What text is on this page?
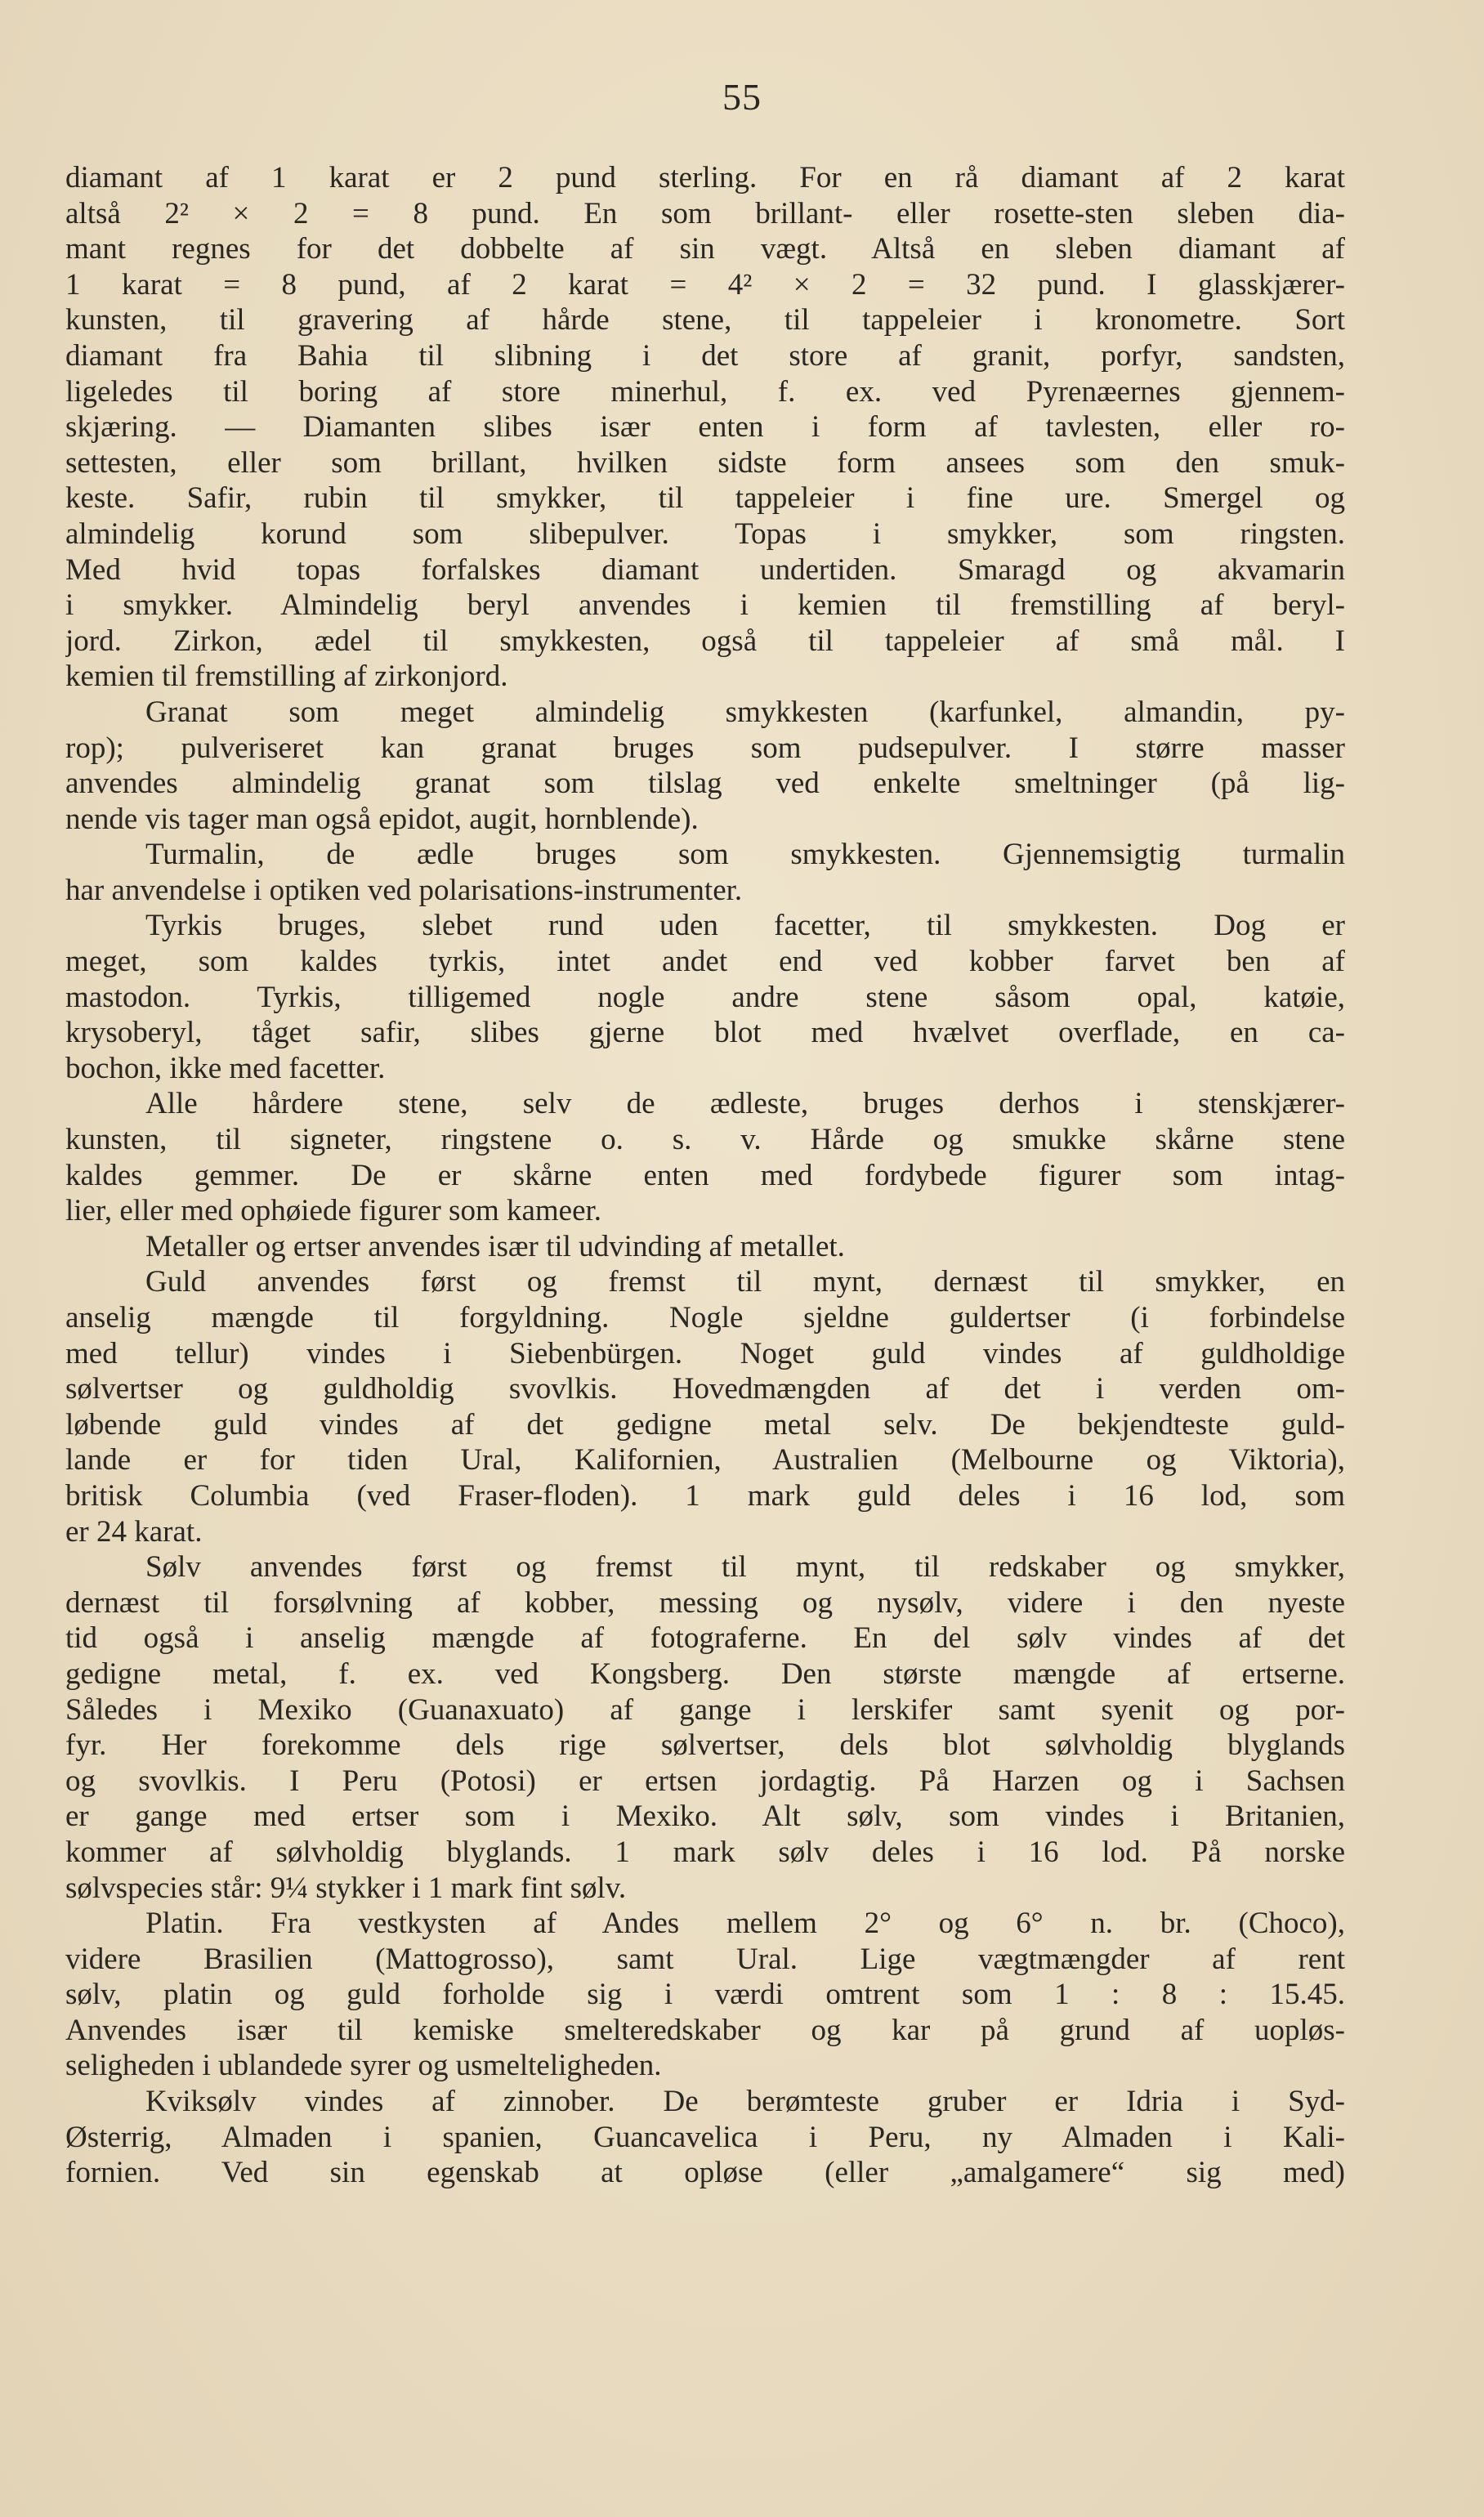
55
diamant af 1 karat er 2 pund sterling. For en rå diamant af 2 karat
altså 2² × 2 = 8 pund. En som brillant- eller rosette-sten sleben dia-
mant regnes for det dobbelte af sin vægt. Altså en sleben diamant af
1 karat = 8 pund, af 2 karat = 4² × 2 = 32 pund. I glasskjærer-
kunsten, til gravering af hårde stene, til tappeleier i kronometre. Sort
diamant fra Bahia til slibning i det store af granit, porfyr, sandsten,
ligeledes til boring af store minerhul, f. ex. ved Pyrenæernes gjennem-
skjæring. — Diamanten slibes især enten i form af tavlesten, eller ro-
settesten, eller som brillant, hvilken sidste form ansees som den smuk-
keste. Safir, rubin til smykker, til tappeleier i fine ure. Smergel og
almindelig korund som slibepulver. Topas i smykker, som ringsten.
Med hvid topas forfalskes diamant undertiden. Smaragd og akvamarin
i smykker. Almindelig beryl anvendes i kemien til fremstilling af beryl-
jord. Zirkon, ædel til smykkesten, også til tappeleier af små mål. I
kemien til fremstilling af zirkonjord.
Granat som meget almindelig smykkesten (karfunkel, almandin, py-
rop); pulveriseret kan granat bruges som pudsepulver. I større masser
anvendes almindelig granat som tilslag ved enkelte smeltninger (på lig-
nende vis tager man også epidot, augit, hornblende).
Turmalin, de ædle bruges som smykkesten. Gjennemsigtig turmalin
har anvendelse i optiken ved polarisations-instrumenter.
Tyrkis bruges, slebet rund uden facetter, til smykkesten. Dog er
meget, som kaldes tyrkis, intet andet end ved kobber farvet ben af
mastodon. Tyrkis, tilligemed nogle andre stene såsom opal, katøie,
krysoberyl, tåget safir, slibes gjerne blot med hvælvet overflade, en ca-
bochon, ikke med facetter.
Alle hårdere stene, selv de ædleste, bruges derhos i stenskjærer-
kunsten, til signeter, ringstene o. s. v. Hårde og smukke skårne stene
kaldes gemmer. De er skårne enten med fordybede figurer som intag-
lier, eller med ophøiede figurer som kameer.
Metaller og ertser anvendes især til udvinding af metallet.
Guld anvendes først og fremst til mynt, dernæst til smykker, en
anselig mængde til forgyldning. Nogle sjeldne guldertser (i forbindelse
med tellur) vindes i Siebenbürgen. Noget guld vindes af guldholdige
sølvertser og guldholdig svovlkis. Hovedmængden af det i verden om-
løbende guld vindes af det gedigne metal selv. De bekjendteste guld-
lande er for tiden Ural, Kalifornien, Australien (Melbourne og Viktoria),
britisk Columbia (ved Fraser-floden). 1 mark guld deles i 16 lod, som
er 24 karat.
Sølv anvendes først og fremst til mynt, til redskaber og smykker,
dernæst til forsølvning af kobber, messing og nysølv, videre i den nyeste
tid også i anselig mængde af fotograferne. En del sølv vindes af det
gedigne metal, f. ex. ved Kongsberg. Den største mængde af ertserne.
Således i Mexiko (Guanaxuato) af gange i lerskifer samt syenit og por-
fyr. Her forekomme dels rige sølvertser, dels blot sølvholdig blyglands
og svovlkis. I Peru (Potosi) er ertsen jordagtig. På Harzen og i Sachsen
er gange med ertser som i Mexiko. Alt sølv, som vindes i Britanien,
kommer af sølvholdig blyglands. 1 mark sølv deles i 16 lod. På norske
sølvspecies står: 9¼ stykker i 1 mark fint sølv.
Platin. Fra vestkysten af Andes mellem 2° og 6° n. br. (Choco),
videre Brasilien (Mattogrosso), samt Ural. Lige vægtmængder af rent
sølv, platin og guld forholde sig i værdi omtrent som 1 : 8 : 15.45.
Anvendes især til kemiske smelteredskaber og kar på grund af uopløs-
seligheden i ublandede syrer og usmelteligheden.
Kviksølv vindes af zinnober. De berømteste gruber er Idria i Syd-
Østerrig, Almaden i spanien, Guancavelica i Peru, ny Almaden i Kali-
fornien. Ved sin egenskab at opløse (eller „amalgamere“ sig med)
